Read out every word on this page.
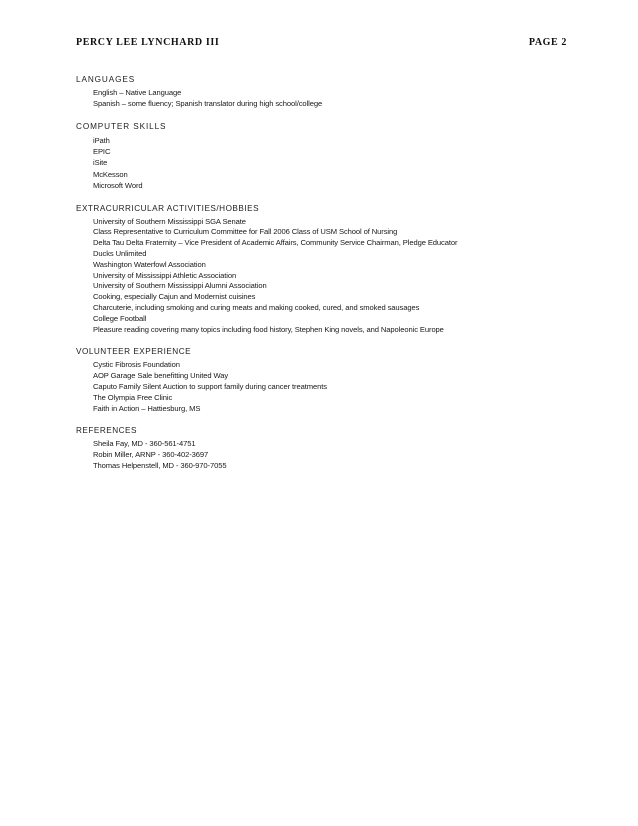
PERCY LEE LYNCHARD III	PAGE 2
LANGUAGES
English – Native Language
Spanish – some fluency; Spanish translator during high school/college
COMPUTER SKILLS
iPath
EPIC
iSite
McKesson
Microsoft Word
EXTRACURRICULAR ACTIVITIES/HOBBIES
University of Southern Mississippi SGA Senate
Class Representative to Curriculum Committee for Fall 2006 Class of USM School of Nursing
Delta Tau Delta Fraternity – Vice President of Academic Affairs, Community Service Chairman, Pledge Educator
Ducks Unlimited
Washington Waterfowl Association
University of Mississippi Athletic Association
University of Southern Mississippi Alumni Association
Cooking, especially Cajun and Modernist cuisines
Charcuterie, including smoking and curing meats and making cooked, cured, and smoked sausages
College Football
Pleasure reading covering many topics including food history, Stephen King novels, and Napoleonic Europe
VOLUNTEER EXPERIENCE
Cystic Fibrosis Foundation
AOP Garage Sale benefitting United Way
Caputo Family Silent Auction to support family during cancer treatments
The Olympia Free Clinic
Faith in Action – Hattiesburg, MS
REFERENCES
Sheila Fay, MD - 360-561-4751
Robin Miller, ARNP - 360-402-3697
Thomas Helpenstell, MD - 360-970-7055
